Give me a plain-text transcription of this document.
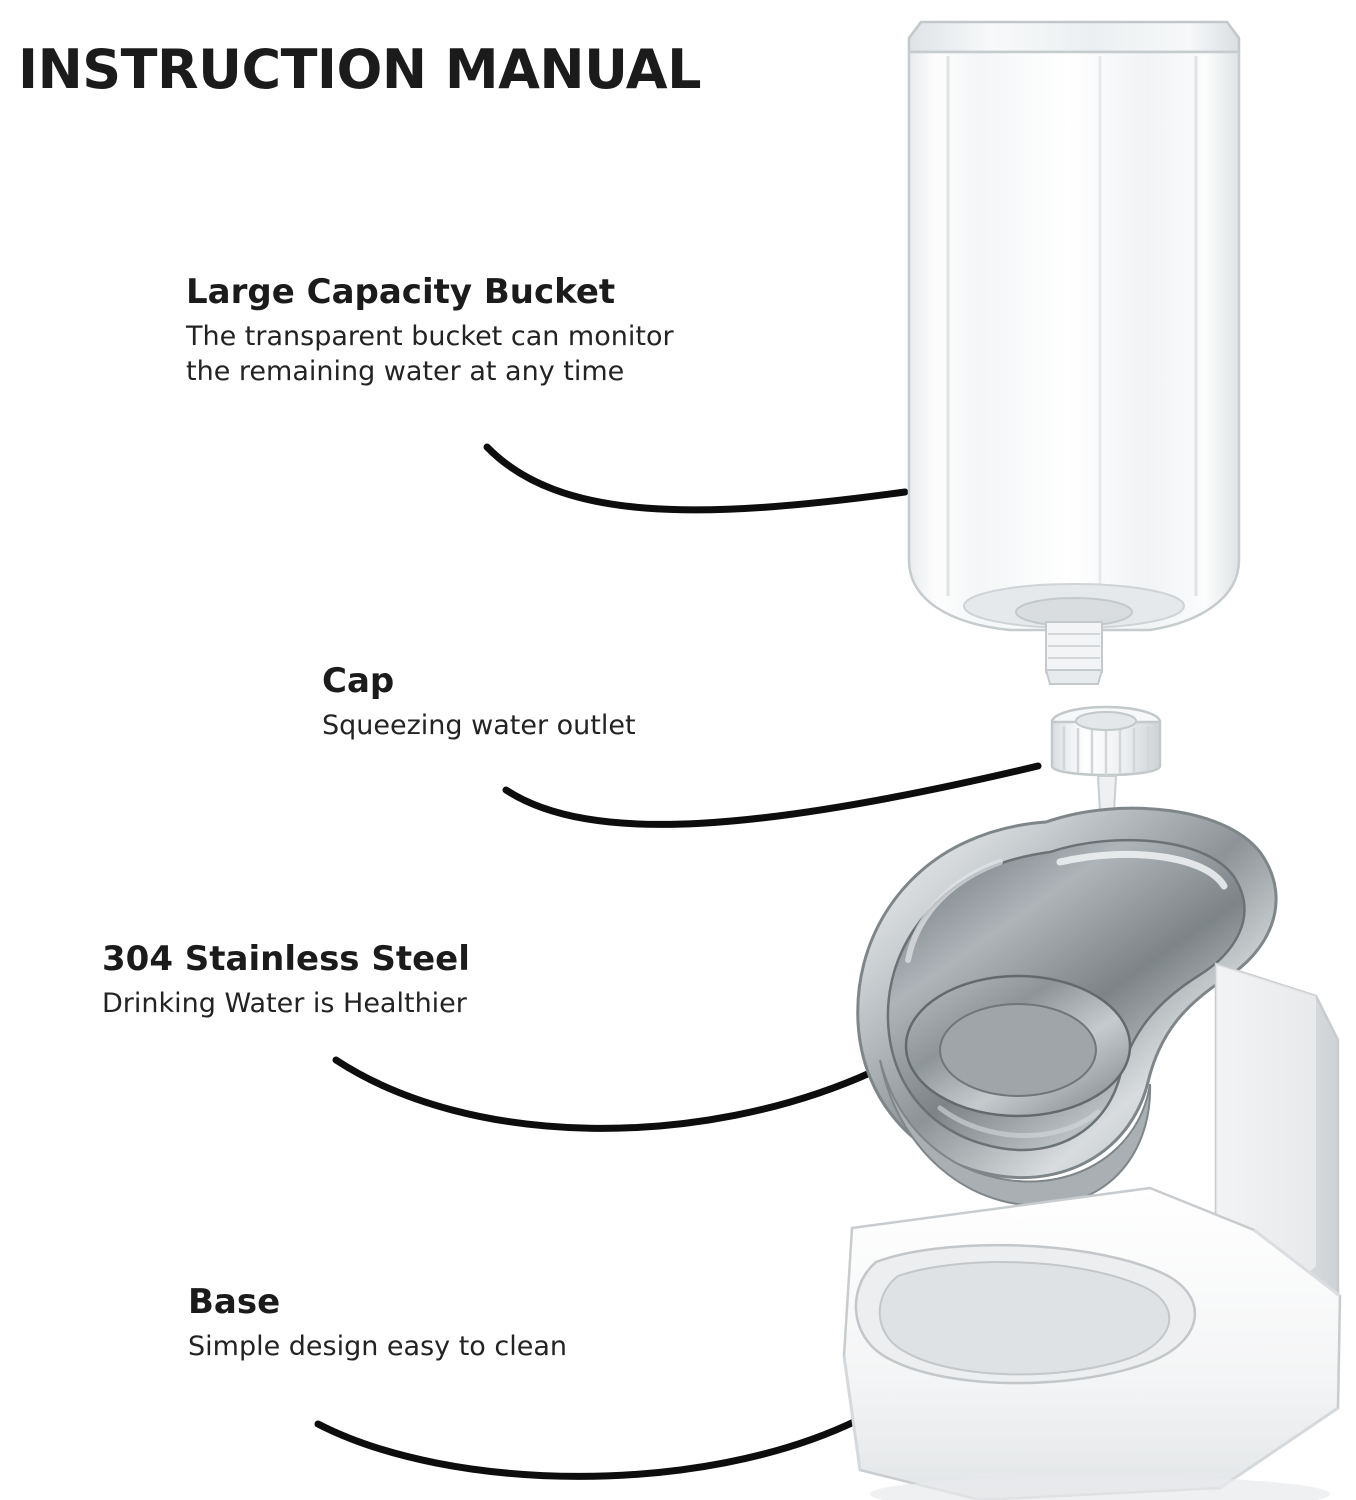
INSTRUCTION MANUAL
Large Capacity Bucket
The transparent bucket can monitor
the remaining water at any time
Cap
Squeezing water outlet
304 Stainless Steel
Drinking Water is Healthier
Base
Simple design easy to clean
